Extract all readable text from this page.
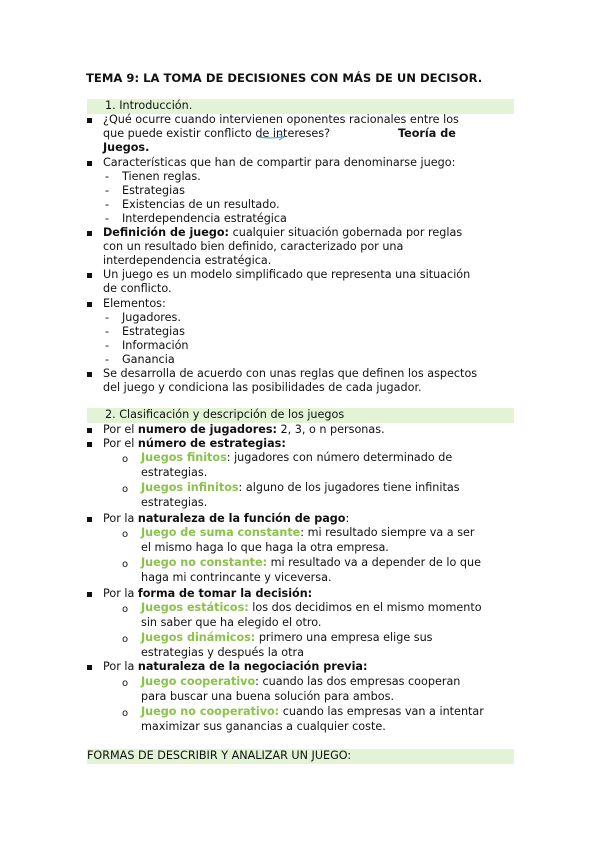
TEMA 9: LA TOMA DE DECISIONES CON MÁS DE UN DECISOR.
1. Introducción.
¿Qué ocurre cuando intervienen oponentes racionales entre los
que puede existir conflicto de intereses?	Teoría de
Juegos.
Características que han de compartir para denominarse juego:
- Tienen reglas.
- Estrategias
- Existencias de un resultado.
- Interdependencia estratégica
Definición de juego: cualquier situación gobernada por reglas
con un resultado bien definido, caracterizado por una
interdependencia estratégica.
Un juego es un modelo simplificado que representa una situación
de conflicto.
Elementos:
- Jugadores.
- Estrategias
- Información
- Ganancia
Se desarrolla de acuerdo con unas reglas que definen los aspectos
del juego y condiciona las posibilidades de cada jugador.
2. Clasificación y descripción de los juegos
Por el numero de jugadores: 2, 3, o n personas.
Por el número de estrategias:
o Juegos finitos: jugadores con número determinado de
estrategias.
o Juegos infinitos: alguno de los jugadores tiene infinitas
estrategias.
Por la naturaleza de la función de pago:
o Juego de suma constante: mi resultado siempre va a ser
el mismo haga lo que haga la otra empresa.
o Juego no constante: mi resultado va a depender de lo que
haga mi contrincante y viceversa.
Por la forma de tomar la decisión:
o Juegos estáticos: los dos decidimos en el mismo momento
sin saber que ha elegido el otro.
o Juegos dinámicos: primero una empresa elige sus
estrategias y después la otra
Por la naturaleza de la negociación previa:
o Juego cooperativo: cuando las dos empresas cooperan
para buscar una buena solución para ambos.
o Juego no cooperativo: cuando las empresas van a intentar
maximizar sus ganancias a cualquier coste.
FORMAS DE DESCRIBIR Y ANALIZAR UN JUEGO:
